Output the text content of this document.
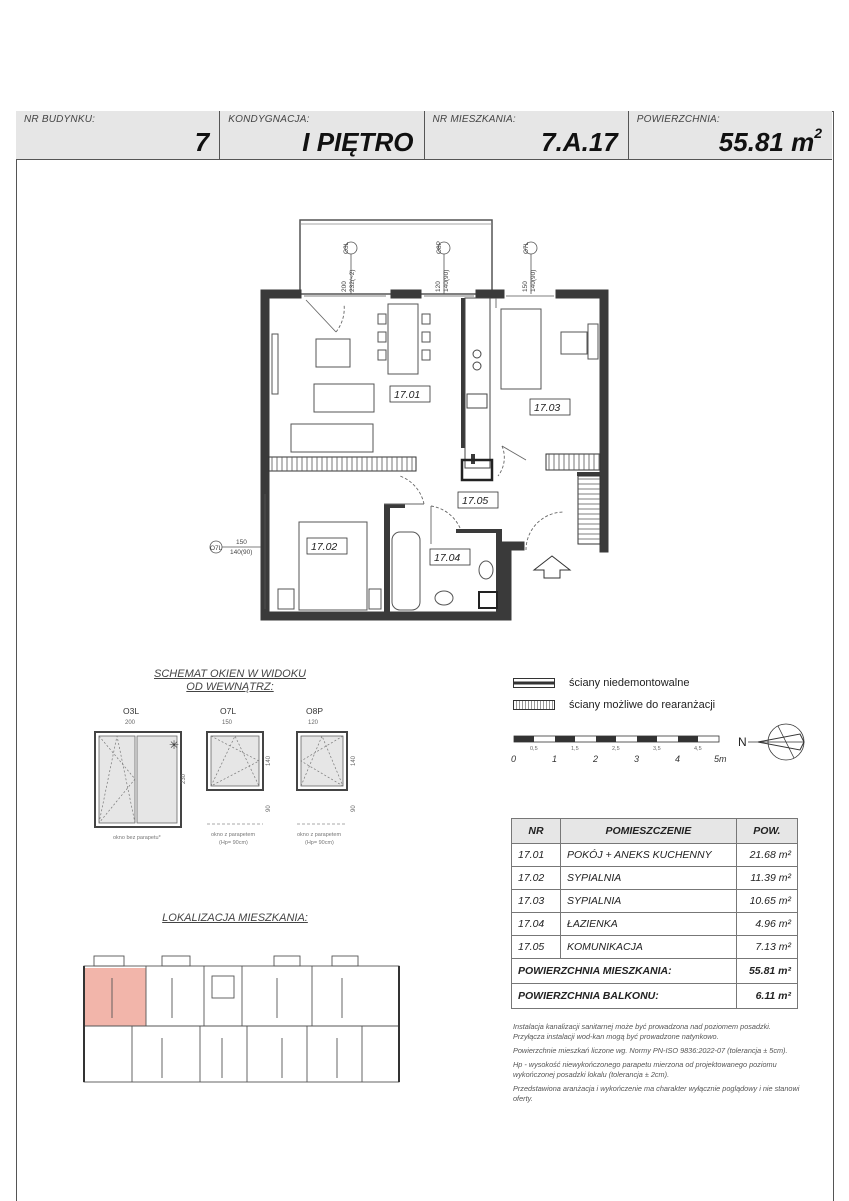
NR BUDYNKU:
7
KONDYGNACJA:
I PIĘTRO
NR MIESZKANIA:
7.A.17
POWIERZCHNIA:
55.81 $m^2$
O3L	O8P	O7L
O7L
200 232(~2)	120 140(90)	150 140(90)
150
140(90)
17.01
17.02
17.03
17.04
17.05
SCHEMAT OKIEN W WIDOKU
OD WEWNĄTRZ:
O3L	O7L	O8P
200	150	120
✳
230
okno bez parapetu*
140
90
okno z parapetem
(Hp= 90cm)
140
90
okno z parapetem
(Hp= 90cm)
ściany niedemontowalne
ściany możliwe do rearanżacji
0	1	2	3	4	5m
0,5	1,5	2,5	3,5	4,5	N
NR	POMIESZCZENIE	POW.
17.01	POKÓJ + ANEKS KUCHENNY	21.68 m²
17.02	SYPIALNIA	11.39 m²
17.03	SYPIALNIA	10.65 m²
17.04	ŁAZIENKA	4.96 m²
17.05	KOMUNIKACJA	7.13 m²
POWIERZCHNIA MIESZKANIA:		55.81 m²
POWIERZCHNIA BALKONU:		6.11 m²

Instalacja kanalizacji sanitarnej może być prowadzona nad poziomem posadzki. Przyłącza instalacji wod-kan mogą być prowadzone natynkowo.

Powierzchnie mieszkań liczone wg. Normy PN-ISO 9836:2022-07 (tolerancja ± 5cm).

Hp - wysokość niewykończonego parapetu mierzona od projektowanego poziomu wykończonej posadzki lokalu (tolerancja ± 2cm).

Przedstawiona aranżacja i wykończenie ma charakter wyłącznie poglądowy i nie stanowi oferty.

LOKALIZACJA MIESZKANIA:
